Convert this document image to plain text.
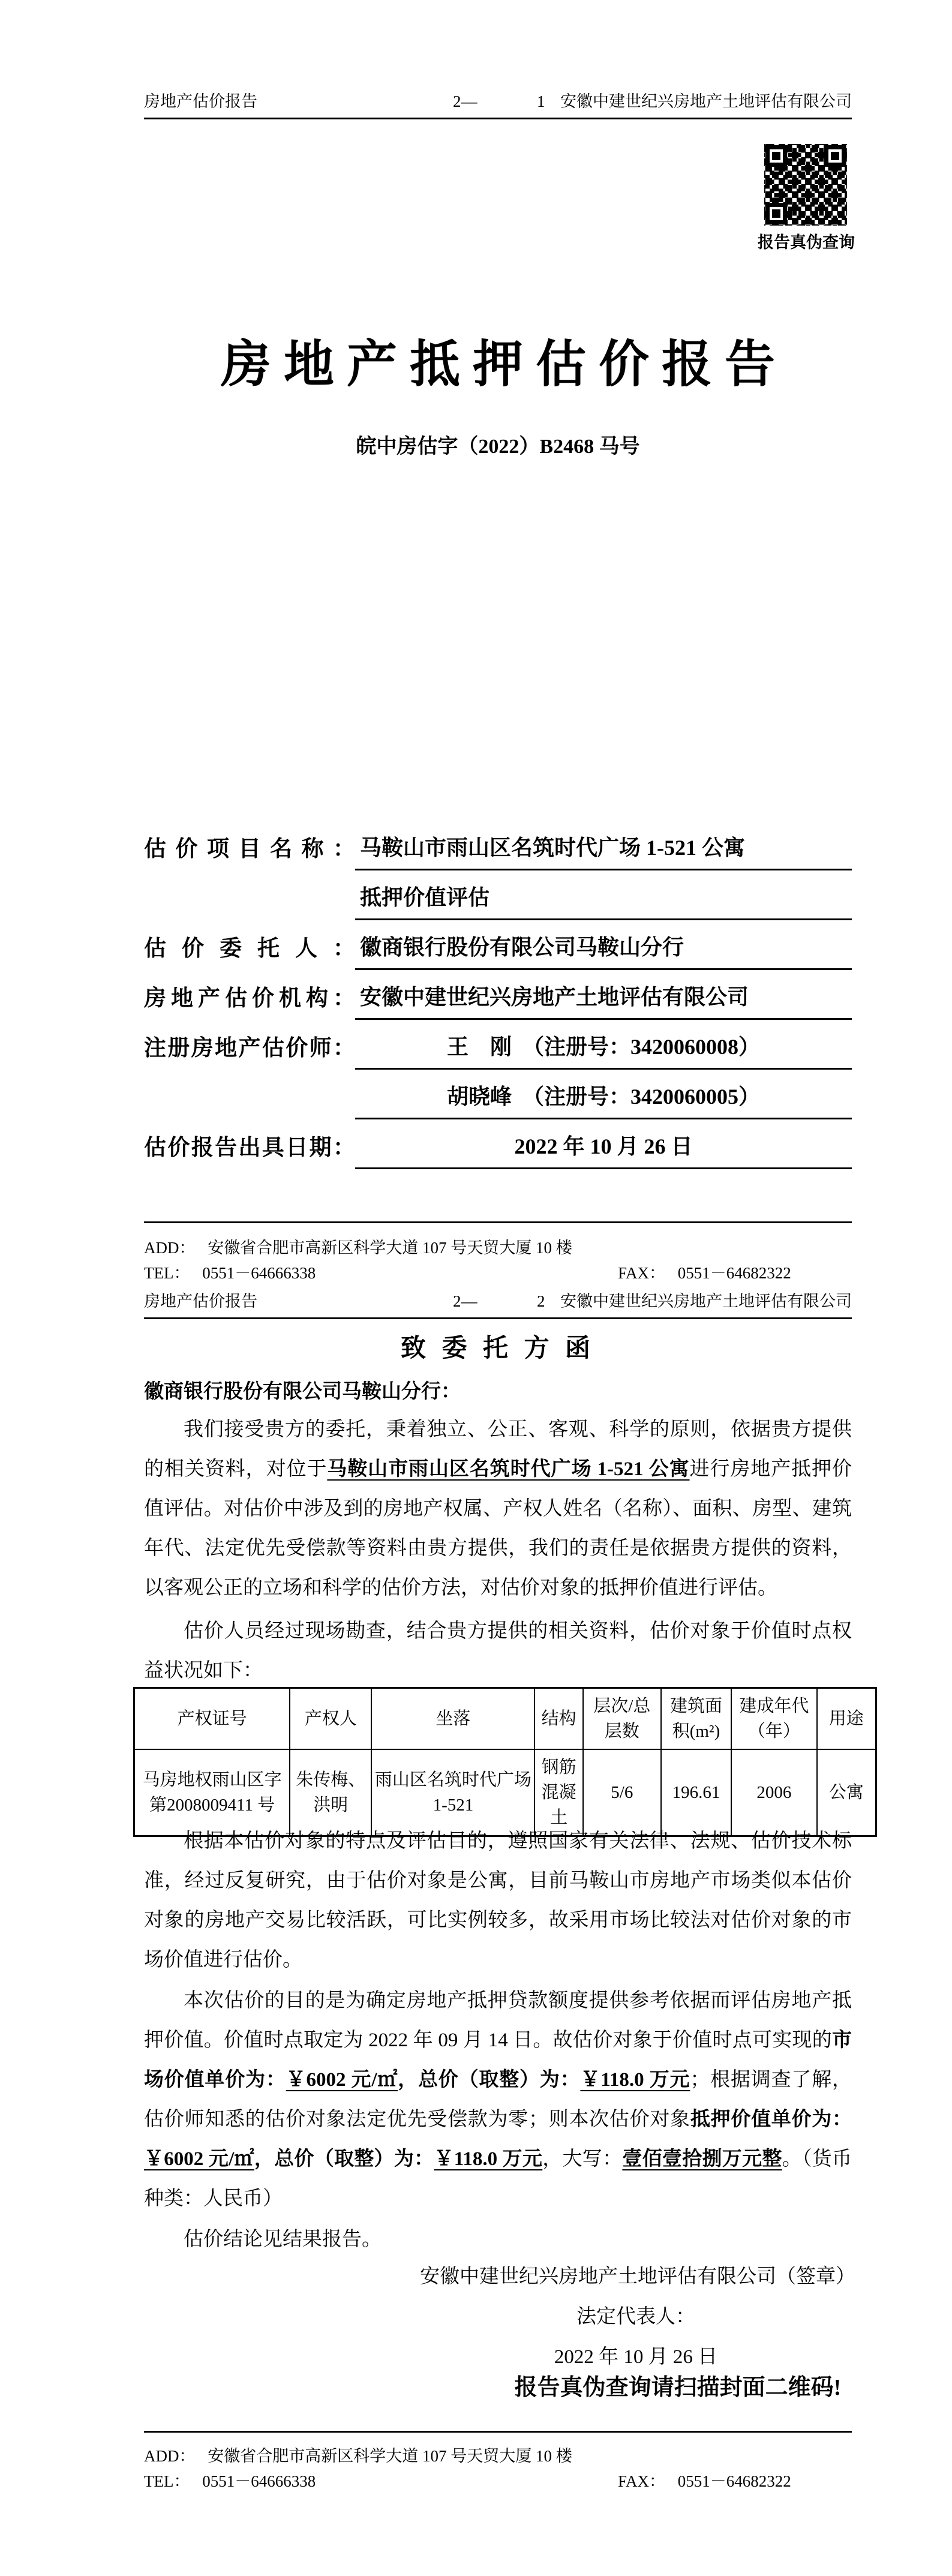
房地产估价报告	2—	1 安徽中建世纪兴房地产土地评估有限公司
报告真伪查询
房 地 产 抵 押 估 价 报 告
皖中房估字（2022）B2468 马号
估价项目名称： 马鞍山市雨山区名筑时代广场 1-521 公寓
抵押价值评估
估价委托人： 徽商银行股份有限公司马鞍山分行
房地产估价机构： 安徽中建世纪兴房地产土地评估有限公司
注册房地产估价师：	王　刚　（注册号：3420060008）
胡晓峰　（注册号：3420060005）
估价报告出具日期：	2022 年 10 月 26 日
ADD： 安徽省合肥市高新区科学大道 107 号天贸大厦 10 楼
TEL： 0551－64666338	FAX： 0551－64682322
房地产估价报告	2—	2 安徽中建世纪兴房地产土地评估有限公司
致 委 托 方 函
徽商银行股份有限公司马鞍山分行：
我们接受贵方的委托，秉着独立、公正、客观、科学的原则，依据贵方提供的相关资料，对位于马鞍山市雨山区名筑时代广场 1-521 公寓进行房地产抵押价值评估。对估价中涉及到的房地产权属、产权人姓名（名称）、面积、房型、建筑年代、法定优先受偿款等资料由贵方提供，我们的责任是依据贵方提供的资料，以客观公正的立场和科学的估价方法，对估价对象的抵押价值进行评估。
估价人员经过现场勘查，结合贵方提供的相关资料，估价对象于价值时点权益状况如下：
产权证号	产权人	坐落	结构	层次/总层数	建筑面积(m²)	建成年代（年）	用途
马房地权雨山区字第2008009411 号	朱传梅、洪明	雨山区名筑时代广场1-521	钢筋混凝土	5/6	196.61	2006	公寓
根据本估价对象的特点及评估目的，遵照国家有关法律、法规、估价技术标准，经过反复研究，由于估价对象是公寓，目前马鞍山市房地产市场类似本估价对象的房地产交易比较活跃，可比实例较多，故采用市场比较法对估价对象的市场价值进行估价。
本次估价的目的是为确定房地产抵押贷款额度提供参考依据而评估房地产抵押价值。价值时点取定为 2022 年 09 月 14 日。故估价对象于价值时点可实现的市场价值单价为：￥6002 元/㎡，总价（取整）为：￥118.0 万元；根据调查了解，估价师知悉的估价对象法定优先受偿款为零；则本次估价对象抵押价值单价为：￥6002 元/㎡，总价（取整）为：￥118.0 万元，大写：壹佰壹拾捌万元整。（货币种类：人民币）
估价结论见结果报告。
安徽中建世纪兴房地产土地评估有限公司（签章）
法定代表人：
2022 年 10 月 26 日
报告真伪查询请扫描封面二维码!
ADD： 安徽省合肥市高新区科学大道 107 号天贸大厦 10 楼
TEL： 0551－64666338	FAX： 0551－64682322
